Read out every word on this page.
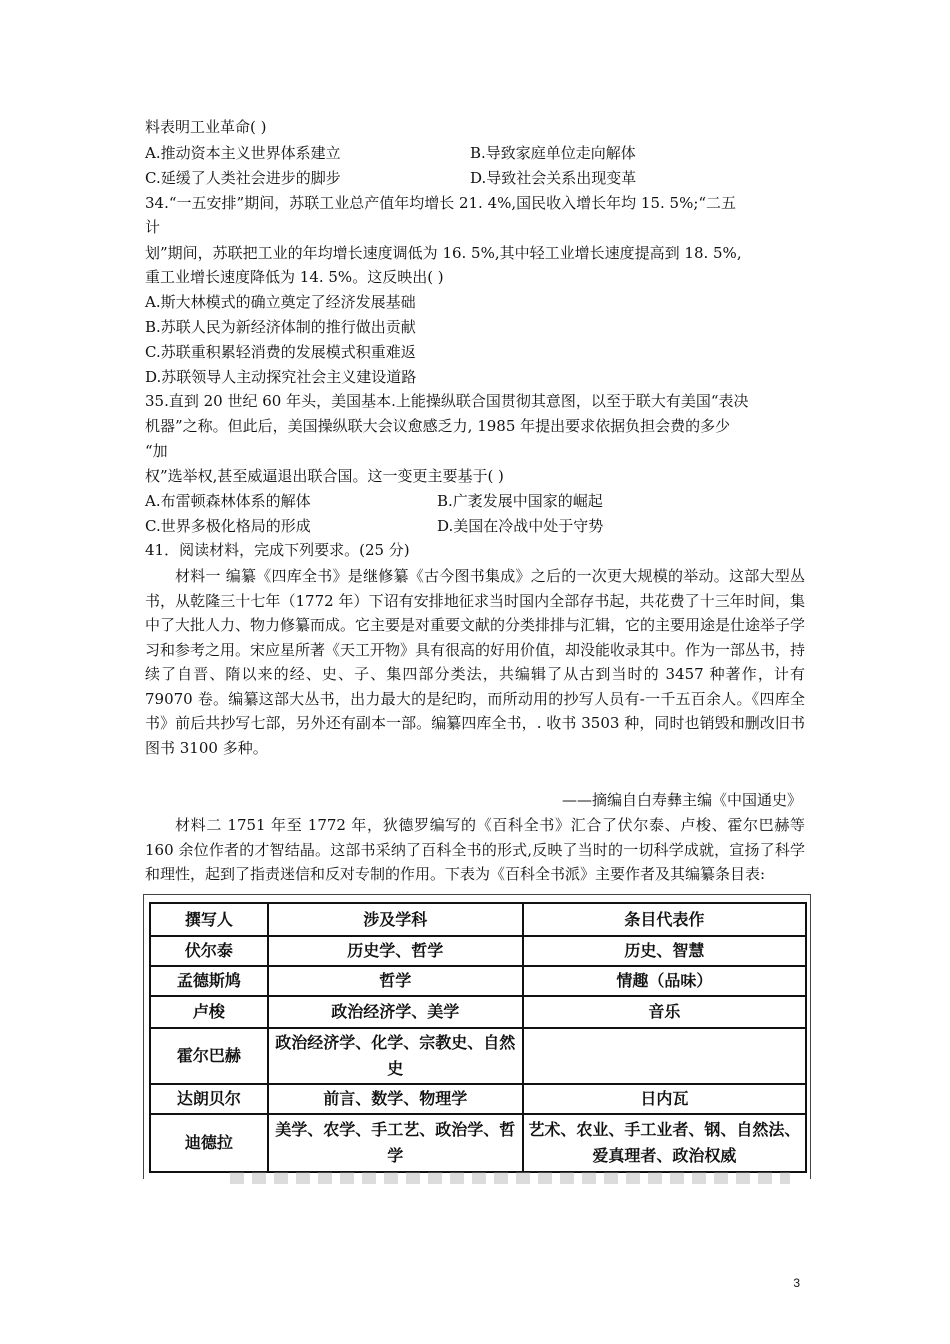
料表明工业革命( )
A.推动资本主义世界体系建立	B.导致家庭单位走向解体
C.延缓了人类社会进步的脚步	D.导致社会关系出现变革
34.“一五安排”期间，苏联工业总产值年均增长 21. 4%,国民收入增长年均 15. 5%;“二五
计
划”期间，苏联把工业的年均增长速度调低为 16. 5%,其中轻工业增长速度提高到 18. 5%,
重工业增长速度降低为 14. 5%。这反映出( )
A.斯大林模式的确立奠定了经济发展基础
B.苏联人民为新经济体制的推行做出贡献
C.苏联重积累轻消费的发展模式积重难返
D.苏联领导人主动探究社会主义建设道路
35.直到 20 世纪 60 年头，美国基本.上能操纵联合国贯彻其意图，以至于联大有美国“表决
机器”之称。但此后，美国操纵联大会议愈感乏力, 1985 年提出要求依据负担会费的多少
“加
权”选举权,甚至威逼退出联合国。这一变更主要基于( )
A.布雷顿森林体系的解体	B.广袤发展中国家的崛起
C.世界多极化格局的形成	D.美国在冷战中处于守势
41．阅读材料，完成下列要求。(25 分)
材料一 编纂《四库全书》是继修纂《古今图书集成》之后的一次更大规模的举动。这部大型丛书，从乾隆三十七年（1772 年）下诏有安排地征求当时国内全部存书起，共花费了十三年时间，集中了大批人力、物力修纂而成。它主要是对重要文献的分类排排与汇辑，它的主要用途是仕途举子学习和参考之用。宋应星所著《天工开物》具有很高的好用价值，却没能收录其中。作为一部丛书，持续了自晋、隋以来的经、史、子、集四部分类法，共编辑了从古到当时的 3457 种著作，计有 79070 卷。编纂这部大丛书，出力最大的是纪昀，而所动用的抄写人员有-一千五百余人。《四库全书》前后共抄写七部，另外还有副本一部。编纂四库全书，. 收书 3503 种，同时也销毁和删改旧书图书 3100 多种。
——摘编自白寿彝主编《中国通史》
材料二 1751 年至 1772 年，狄德罗编写的《百科全书》汇合了伏尔泰、卢梭、霍尔巴赫等 160 余位作者的才智结晶。这部书采纳了百科全书的形式,反映了当时的一切科学成就，宣扬了科学和理性，起到了指责迷信和反对专制的作用。下表为《百科全书派》主要作者及其编纂条目表:
撰写人	涉及学科	条目代表作
伏尔泰	历史学、哲学	历史、智慧
孟德斯鸠	哲学	情趣（品味）
卢梭	政治经济学、美学	音乐
霍尔巴赫	政治经济学、化学、宗教史、自然史	
达朗贝尔	前言、数学、物理学	日内瓦
迪德拉	美学、农学、手工艺、政治学、哲学	艺术、农业、手工业者、钢、自然法、爱真理者、政治权威
3
